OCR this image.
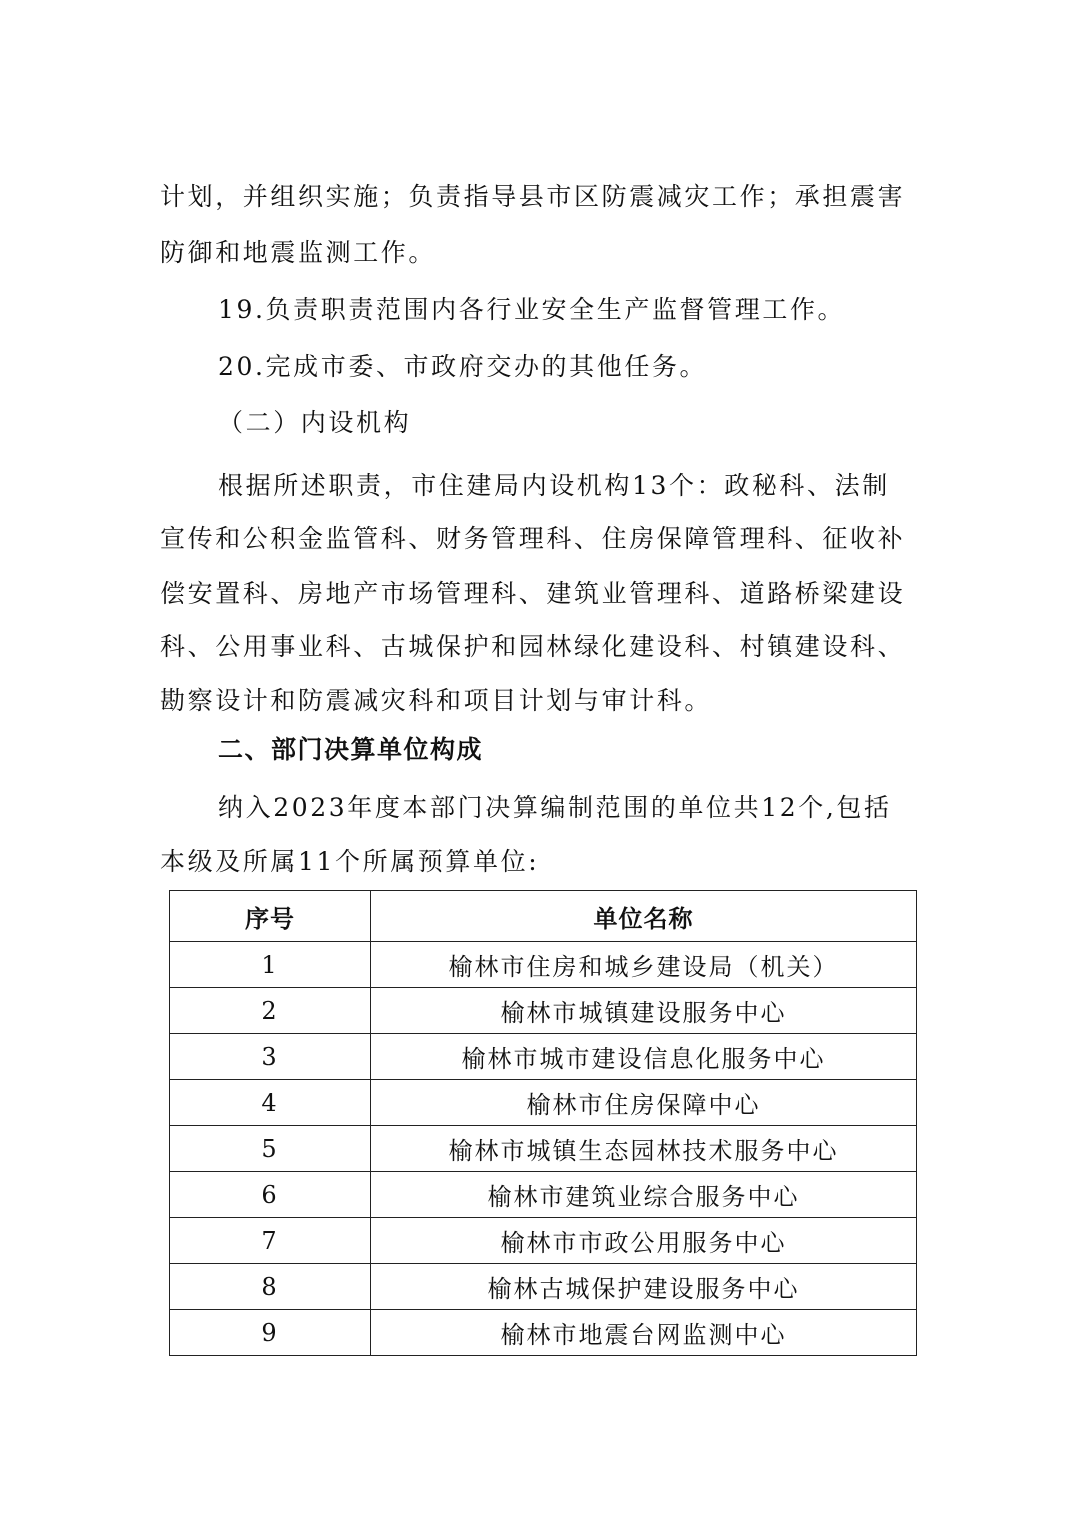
计划，并组织实施；负责指导县市区防震减灾工作；承担震害
防御和地震监测工作。
19.负责职责范围内各行业安全生产监督管理工作。
20.完成市委、市政府交办的其他任务。
（二）内设机构
根据所述职责，市住建局内设机构13个：政秘科、法制
宣传和公积金监管科、财务管理科、住房保障管理科、征收补
偿安置科、房地产市场管理科、建筑业管理科、道路桥梁建设
科、公用事业科、古城保护和园林绿化建设科、村镇建设科、
勘察设计和防震减灾科和项目计划与审计科。
二、部门决算单位构成
纳入2023年度本部门决算编制范围的单位共12个,包括
本级及所属11个所属预算单位:
序号	单位名称
1	榆林市住房和城乡建设局（机关）
2	榆林市城镇建设服务中心
3	榆林市城市建设信息化服务中心
4	榆林市住房保障中心
5	榆林市城镇生态园林技术服务中心
6	榆林市建筑业综合服务中心
7	榆林市市政公用服务中心
8	榆林古城保护建设服务中心
9	榆林市地震台网监测中心
